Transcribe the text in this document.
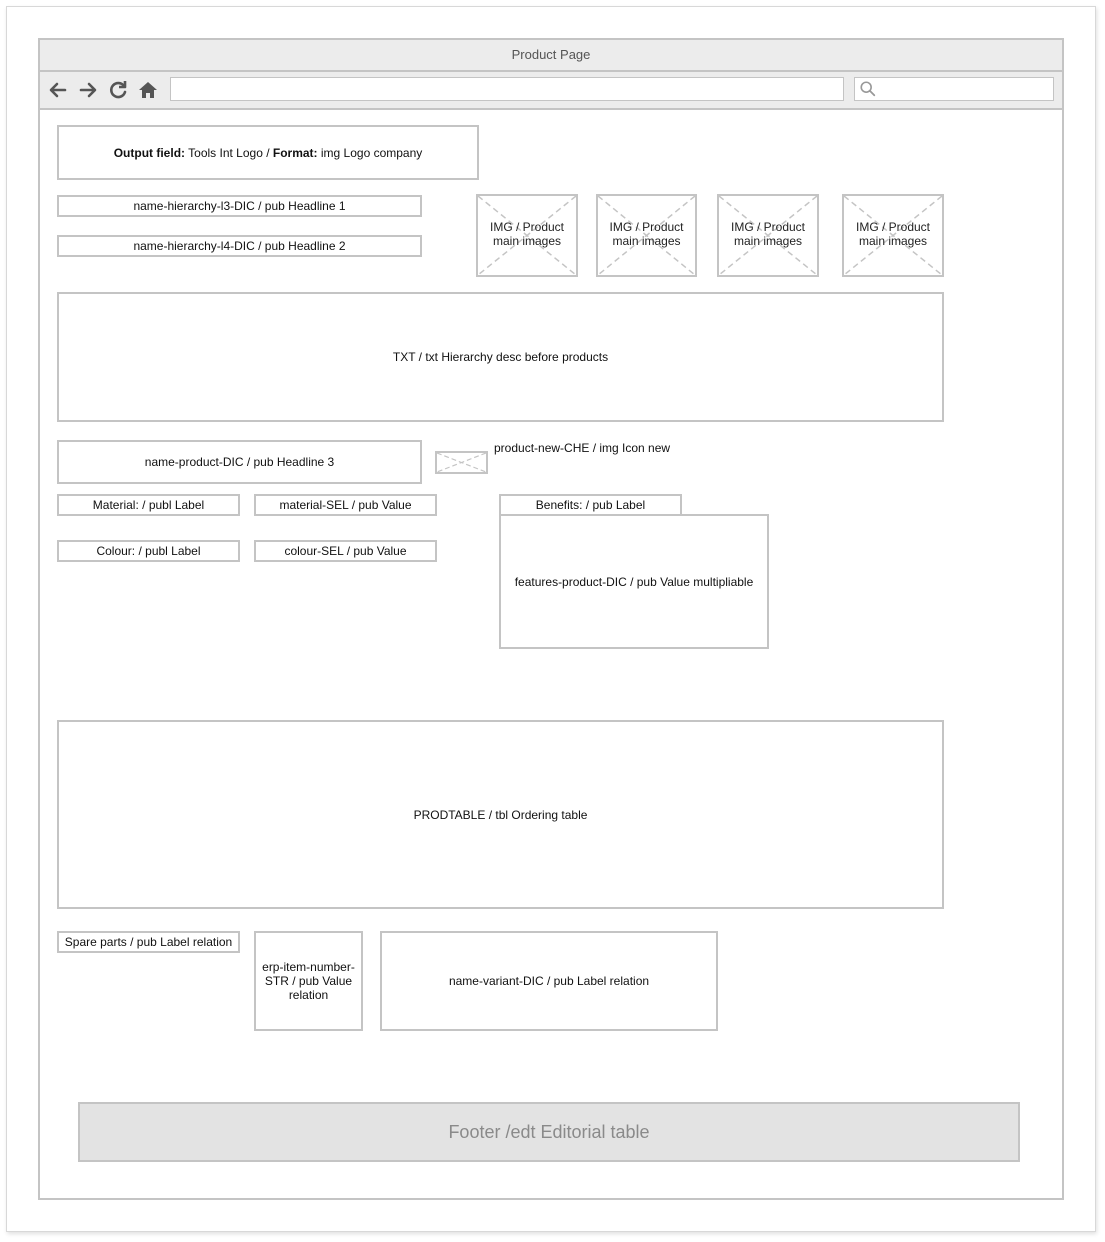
Product Page
Output field: Tools Int Logo / Format: img Logo company
name-hierarchy-l3-DIC / pub Headline 1
name-hierarchy-l4-DIC / pub Headline 2
IMG / Product
main images
IMG / Product
main images
IMG / Product
main images
IMG / Product
main images
TXT / txt Hierarchy desc before products
name-product-DIC / pub Headline 3
product-new-CHE / img Icon new
Material: / publ Label	material-SEL / pub Value
Colour: / publ Label	colour-SEL / pub Value
Benefits: / pub Label
features-product-DIC / pub Value multipliable
PRODTABLE / tbl Ordering table
Spare parts / pub Label relation
erp-item-number-STR / pub Value relation
name-variant-DIC / pub Label relation
Footer /edt Editorial table
